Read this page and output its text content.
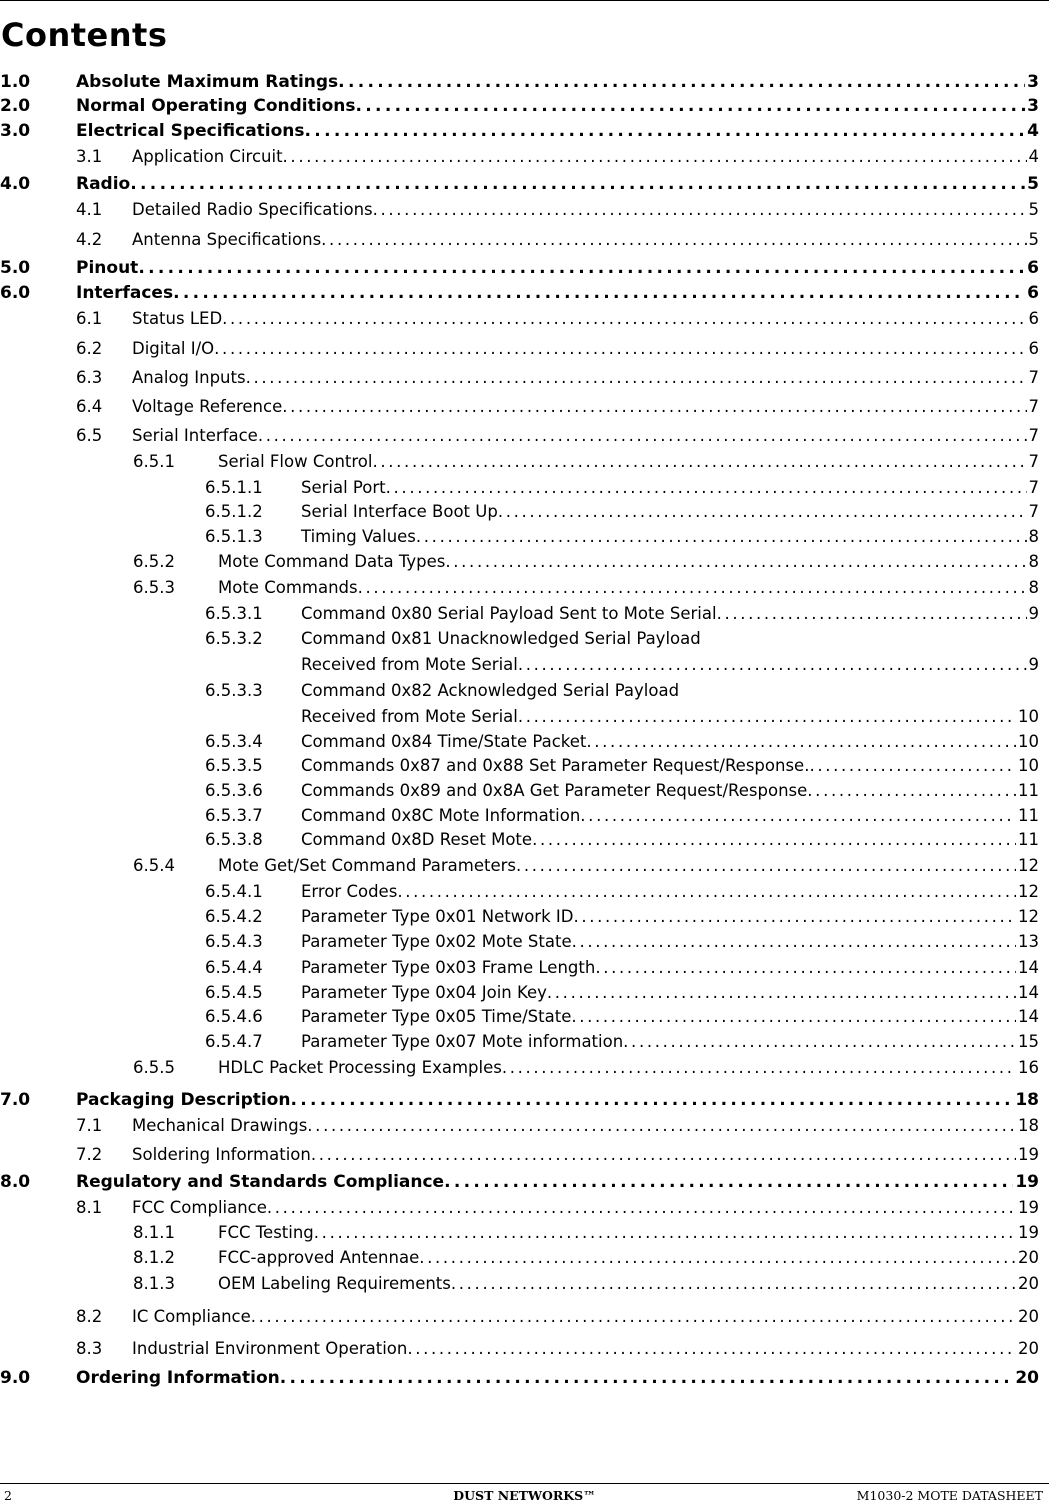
Contents
1.0	Absolute Maximum Ratings . . .	3
2.0	Normal Operating Conditions . . .	3
3.0	Electrical Specifications . . .	4
3.1 Application Circuit . . .	4
4.0	Radio . . .	5
4.1 Detailed Radio Specifications . . .	5
4.2 Antenna Specifications . . .	5
5.0	Pinout . . .	6
6.0	Interfaces . . .	6
6.1 Status LED . . .	6
6.2 Digital I/O . . .	6
6.3 Analog Inputs . . .	7
6.4 Voltage Reference . . .	7
6.5 Serial Interface . . .	7
6.5.1	Serial Flow Control . . .	7
6.5.1.1 Serial Port . . .	7
6.5.1.2 Serial Interface Boot Up . . .	7
6.5.1.3 Timing Values . . .	8
6.5.2	Mote Command Data Types . . .	8
6.5.3	Mote Commands . . .	8
6.5.3.1 Command 0x80 Serial Payload Sent to Mote Serial . . .	9
6.5.3.2 Command 0x81 Unacknowledged Serial Payload
Received from Mote Serial . . .	9
6.5.3.3 Command 0x82 Acknowledged Serial Payload
Received from Mote Serial . . .	10
6.5.3.4 Command 0x84 Time/State Packet . . .	10
6.5.3.5 Commands 0x87 and 0x88 Set Parameter Request/Response. . . .	10
6.5.3.6 Commands 0x89 and 0x8A Get Parameter Request/Response . . .	11
6.5.3.7 Command 0x8C Mote Information . . .	11
6.5.3.8 Command 0x8D Reset Mote . . .	11
6.5.4	Mote Get/Set Command Parameters . . .	12
6.5.4.1 Error Codes . . .	12
6.5.4.2 Parameter Type 0x01 Network ID . . .	12
6.5.4.3 Parameter Type 0x02 Mote State . . .	13
6.5.4.4 Parameter Type 0x03 Frame Length . . .	14
6.5.4.5 Parameter Type 0x04 Join Key . . .	14
6.5.4.6 Parameter Type 0x05 Time/State . . .	14
6.5.4.7 Parameter Type 0x07 Mote information . . .	15
6.5.5	HDLC Packet Processing Examples . . .	16
7.0	Packaging Description . . .	18
7.1 Mechanical Drawings . . .	18
7.2 Soldering Information . . .	19
8.0	Regulatory and Standards Compliance . . .	19
8.1 FCC Compliance . . .	19
8.1.1	FCC Testing . . .	19
8.1.2	FCC-approved Antennae . . .	20
8.1.3	OEM Labeling Requirements . . .	20
8.2 IC Compliance . . .	20
8.3 Industrial Environment Operation . . .	20
9.0	Ordering Information . . .	20
2	DUST NETWORKS™	M1030-2 MOTE DATASHEET
